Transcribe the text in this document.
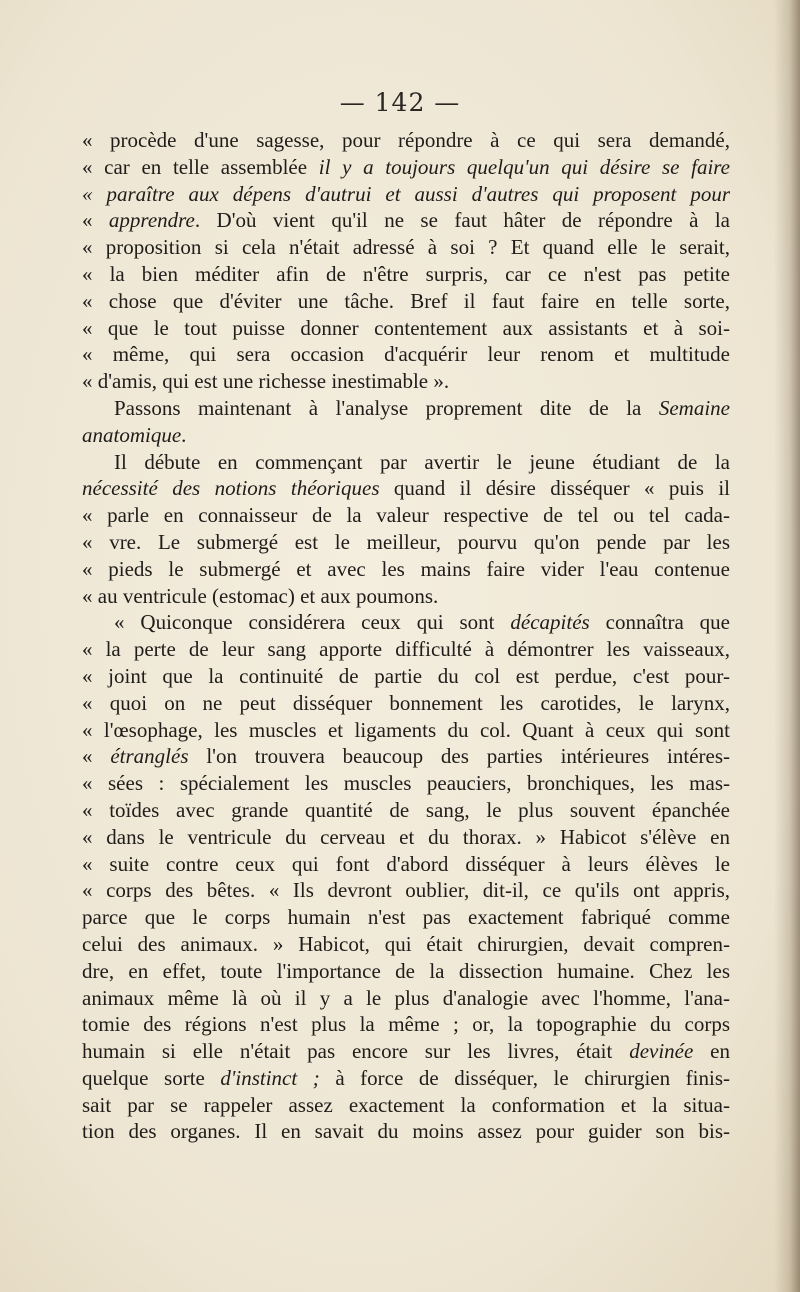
— 142 —
« procède d'une sagesse, pour répondre à ce qui sera demandé,
« car en telle assemblée il y a toujours quelqu'un qui désire se faire
« paraître aux dépens d'autrui et aussi d'autres qui proposent pour
« apprendre. D'où vient qu'il ne se faut hâter de répondre à la
« proposition si cela n'était adressé à soi ? Et quand elle le serait,
« la bien méditer afin de n'être surpris, car ce n'est pas petite
« chose que d'éviter une tâche. Bref il faut faire en telle sorte,
« que le tout puisse donner contentement aux assistants et à soi-
« même, qui sera occasion d'acquérir leur renom et multitude
« d'amis, qui est une richesse inestimable ».
Passons maintenant à l'analyse proprement dite de la Semaine
anatomique.
Il débute en commençant par avertir le jeune étudiant de la
nécessité des notions théoriques quand il désire disséquer « puis il
« parle en connaisseur de la valeur respective de tel ou tel cada-
« vre. Le submergé est le meilleur, pourvu qu'on pende par les
« pieds le submergé et avec les mains faire vider l'eau contenue
« au ventricule (estomac) et aux poumons.
« Quiconque considérera ceux qui sont décapités connaîtra que
« la perte de leur sang apporte difficulté à démontrer les vaisseaux,
« joint que la continuité de partie du col est perdue, c'est pour-
« quoi on ne peut disséquer bonnement les carotides, le larynx,
« l'œsophage, les muscles et ligaments du col. Quant à ceux qui sont
« étranglés l'on trouvera beaucoup des parties intérieures intéres-
« sées : spécialement les muscles peauciers, bronchiques, les mas-
« toïdes avec grande quantité de sang, le plus souvent épanchée
« dans le ventricule du cerveau et du thorax. » Habicot s'élève en
« suite contre ceux qui font d'abord disséquer à leurs élèves le
« corps des bêtes. « Ils devront oublier, dit-il, ce qu'ils ont appris,
parce que le corps humain n'est pas exactement fabriqué comme
celui des animaux. » Habicot, qui était chirurgien, devait compren-
dre, en effet, toute l'importance de la dissection humaine. Chez les
animaux même là où il y a le plus d'analogie avec l'homme, l'ana-
tomie des régions n'est plus la même ; or, la topographie du corps
humain si elle n'était pas encore sur les livres, était devinée en
quelque sorte d'instinct ; à force de disséquer, le chirurgien finis-
sait par se rappeler assez exactement la conformation et la situa-
tion des organes. Il en savait du moins assez pour guider son bis-
